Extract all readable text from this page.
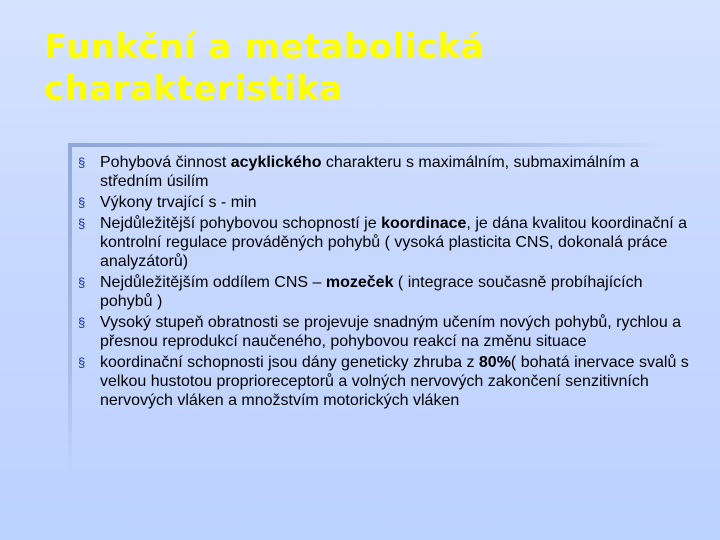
Funkční a metabolická
charakteristika
§ Pohybová činnost acyklického charakteru s maximálním, submaximálním a středním úsilím
§ Výkony trvající s - min
§ Nejdůležitější pohybovou schopností je koordinace, je dána kvalitou koordinační a kontrolní regulace prováděných pohybů ( vysoká plasticita CNS, dokonalá práce analyzátorů)
§ Nejdůležitějším oddílem CNS – mozeček ( integrace současně probíhajících pohybů )
§ Vysoký stupeň obratnosti se projevuje snadným učením nových pohybů, rychlou a přesnou reprodukcí naučeného, pohybovou reakcí na změnu situace
§ koordinační schopnosti jsou dány geneticky zhruba z 80%( bohatá inervace svalů s velkou hustotou proprioreceptorů a volných nervových zakončení senzitivních nervových vláken a množstvím motorických vláken
